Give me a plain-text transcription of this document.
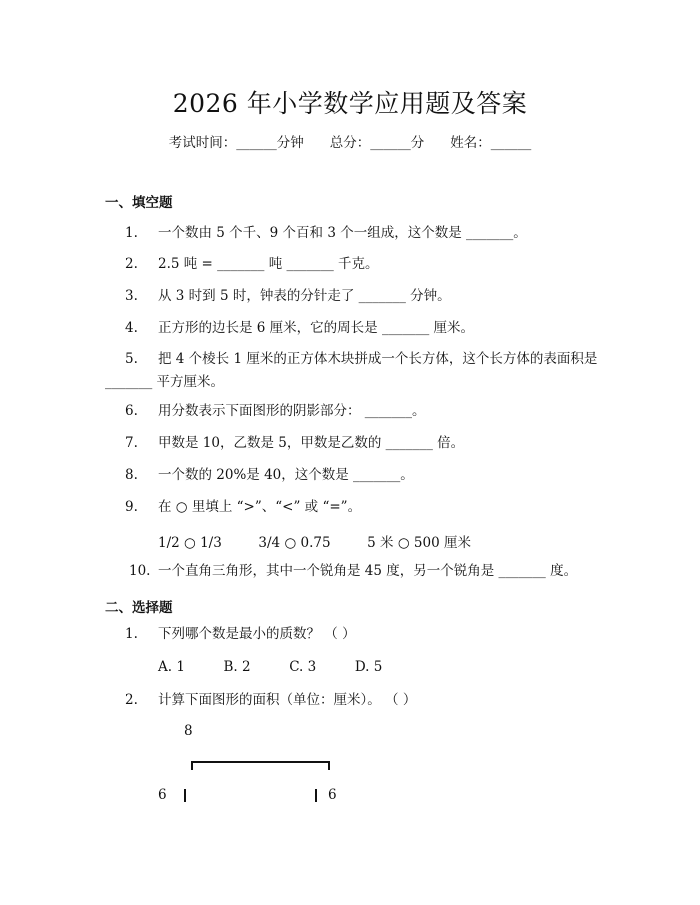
2026 年小学数学应用题及答案
考试时间：______分钟 总分：______分 姓名：______
一、填空题
1. 一个数由 5 个千、9 个百和 3 个一组成，这个数是 _______。
2. 2.5 吨 = _______ 吨 _______ 千克。
3. 从 3 时到 5 时，钟表的分针走了 _______ 分钟。
4. 正方形的边长是 6 厘米，它的周长是 _______ 厘米。
5. 把 4 个棱长 1 厘米的正方体木块拼成一个长方体，这个长方体的表面积是
_______ 平方厘米。
6. 用分数表示下面图形的阴影部分： _______。
7. 甲数是 10，乙数是 5，甲数是乙数的 _______ 倍。
8. 一个数的 20%是 40，这个数是 _______。
9. 在 ○ 里填上 “>”、“<” 或 “=”。
1/2 ○ 1/3	3/4 ○ 0.75	5 米 ○ 500 厘米
10. 一个直角三角形，其中一个锐角是 45 度，另一个锐角是 _______ 度。
二、选择题
1. 下列哪个数是最小的质数？ （ ）
A. 1	B. 2	C. 3	D. 5
2. 计算下面图形的面积（单位：厘米）。 （ ）
8
6	6
